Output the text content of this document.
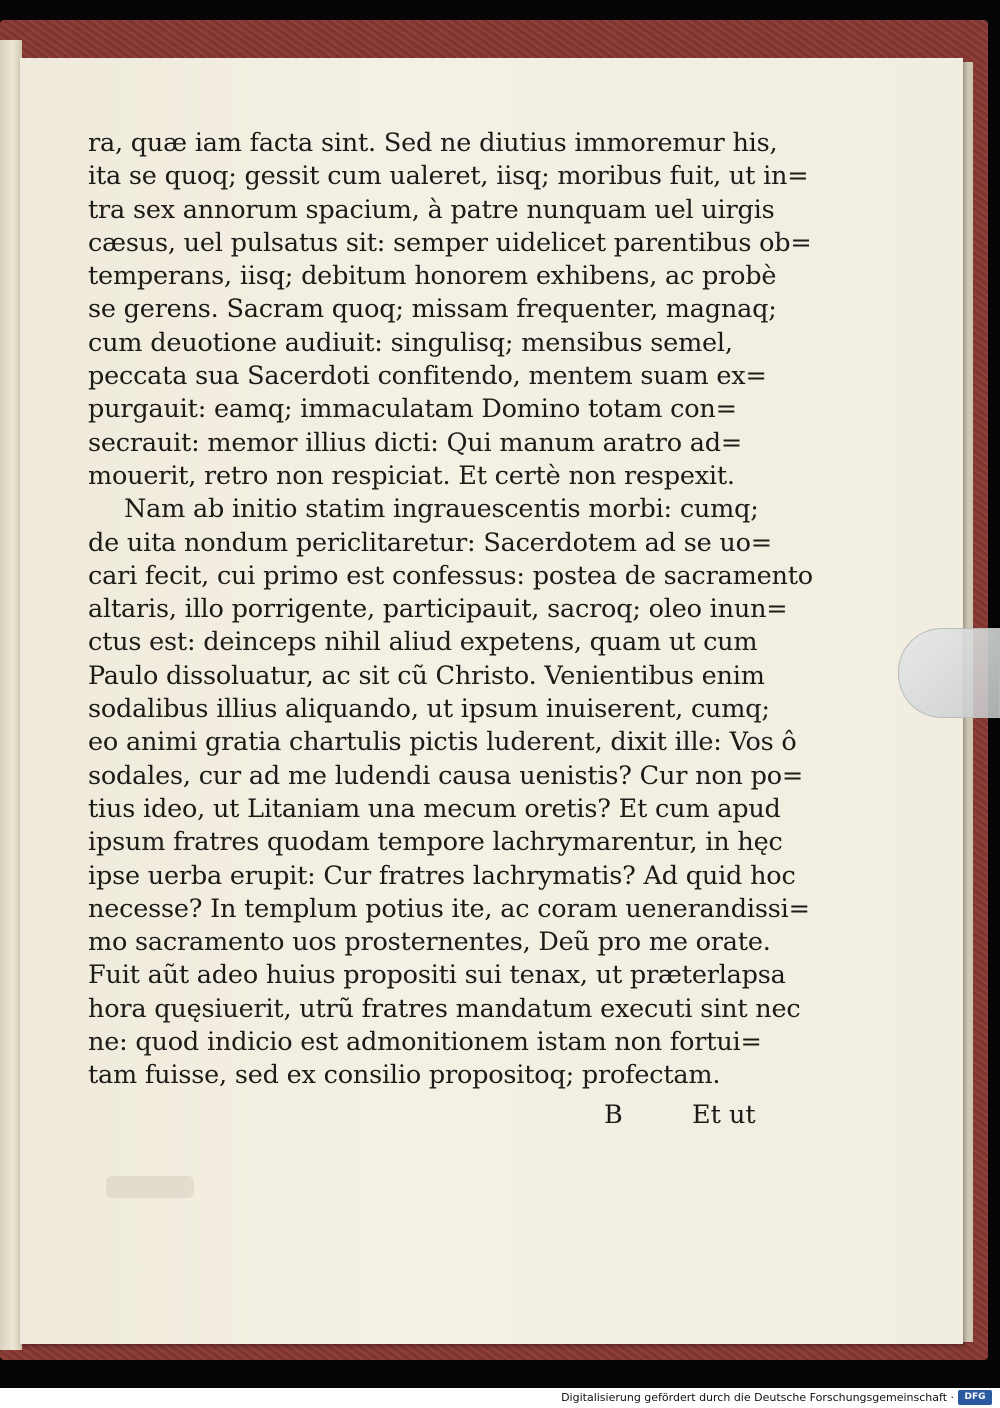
ra, quæ iam facta sint. Sed ne diutius immoremur his,
ita se quoq; gessit cum ualeret, iisq; moribus fuit, ut in=
tra sex annorum spacium, à patre nunquam uel uirgis
cæsus, uel pulsatus sit: semper uidelicet parentibus ob=
temperans, iisq; debitum honorem exhibens, ac probè
se gerens. Sacram quoq; missam frequenter, magnaq;
cum deuotione audiuit: singulisq; mensibus semel,
peccata sua Sacerdoti confitendo, mentem suam ex=
purgauit: eamq; immaculatam Domino totam con=
secrauit: memor illius dicti: Qui manum aratro ad=
mouerit, retro non respiciat. Et certè non respexit.
Nam ab initio statim ingrauescentis morbi: cumq;
de uita nondum periclitaretur: Sacerdotem ad se uo=
cari fecit, cui primo est confessus: postea de sacramento
altaris, illo porrigente, participauit, sacroq; oleo inun=
ctus est: deinceps nihil aliud expetens, quam ut cum
Paulo dissoluatur, ac sit cũ Christo. Venientibus enim
sodalibus illius aliquando, ut ipsum inuiserent, cumq;
eo animi gratia chartulis pictis luderent, dixit ille: Vos ô
sodales, cur ad me ludendi causa uenistis? Cur non po=
tius ideo, ut Litaniam una mecum oretis? Et cum apud
ipsum fratres quodam tempore lachrymarentur, in hęc
ipse uerba erupit: Cur fratres lachrymatis? Ad quid hoc
necesse? In templum potius ite, ac coram uenerandissi=
mo sacramento uos prosternentes, Deũ pro me orate.
Fuit aũt adeo huius propositi sui tenax, ut præterlapsa
hora quęsiuerit, utrũ fratres mandatum executi sint nec
ne: quod indicio est admonitionem istam non fortui=
tam fuisse, sed ex consilio propositoq; profectam.
B	Et ut
Digitalisierung gefördert durch die Deutsche Forschungsgemeinschaft ·	DFG
